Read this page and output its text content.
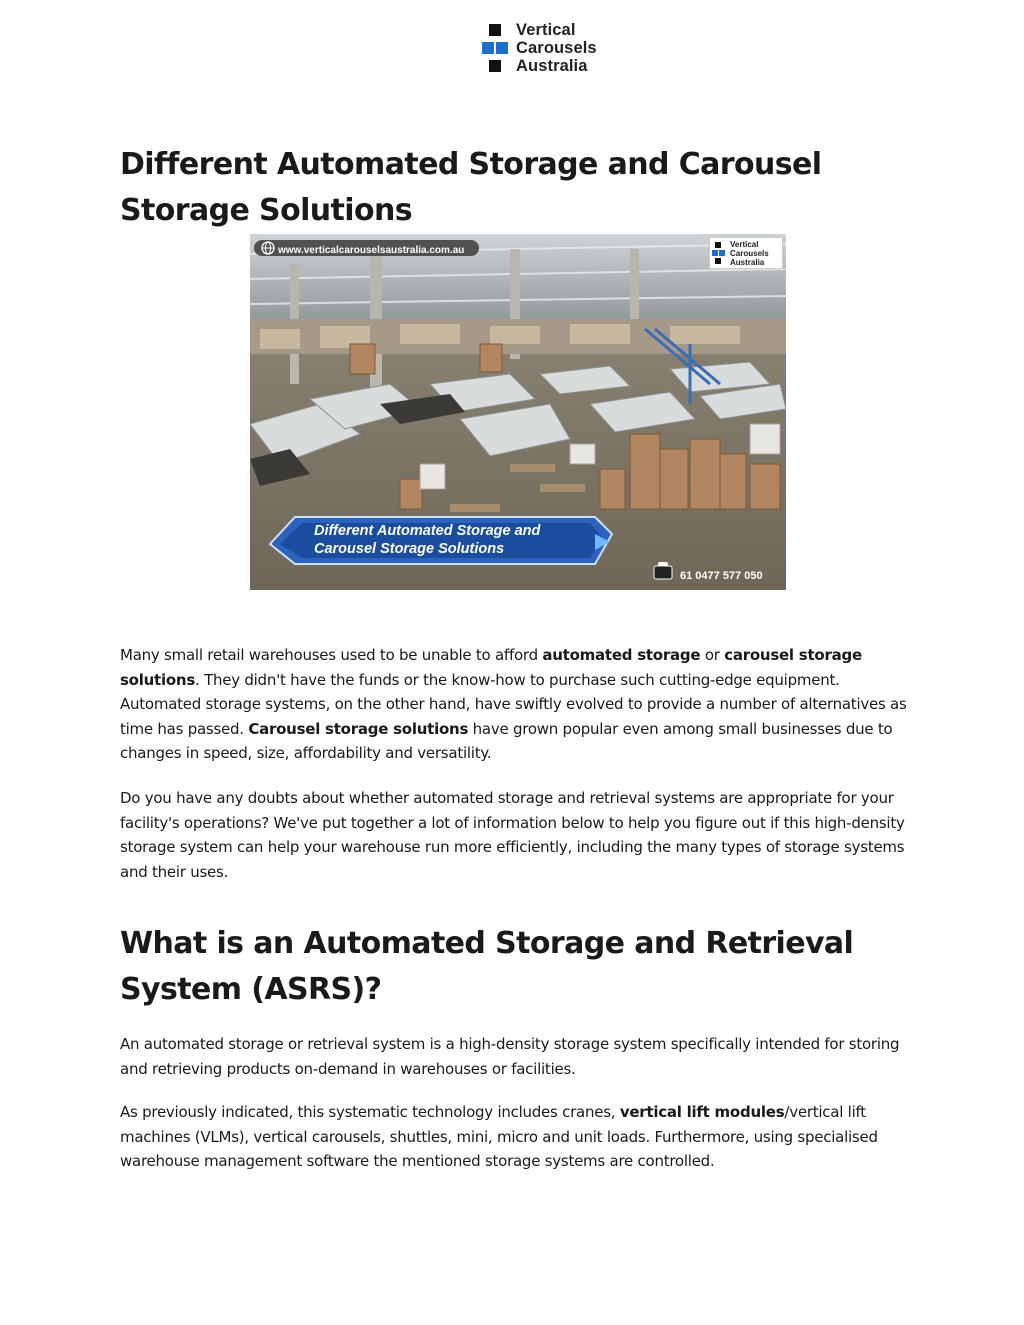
Vertical
Carousels
Australia
Different Automated Storage and Carousel Storage Solutions
www.verticalcarouselsaustralia.com.au
Vertical
Carousels
Australia
Different Automated Storage and
Carousel Storage Solutions
61 0477 577 050

Many small retail warehouses used to be unable to afford automated storage or carousel storage solutions. They didn't have the funds or the know-how to purchase such cutting-edge equipment. Automated storage systems, on the other hand, have swiftly evolved to provide a number of alternatives as time has passed. Carousel storage solutions have grown popular even among small businesses due to changes in speed, size, affordability and versatility.

Do you have any doubts about whether automated storage and retrieval systems are appropriate for your facility's operations? We've put together a lot of information below to help you figure out if this high-density storage system can help your warehouse run more efficiently, including the many types of storage systems and their uses.

What is an Automated Storage and Retrieval System (ASRS)?

An automated storage or retrieval system is a high-density storage system specifically intended for storing and retrieving products on-demand in warehouses or facilities.

As previously indicated, this systematic technology includes cranes, vertical lift modules/vertical lift machines (VLMs), vertical carousels, shuttles, mini, micro and unit loads. Furthermore, using specialised warehouse management software the mentioned storage systems are controlled.
